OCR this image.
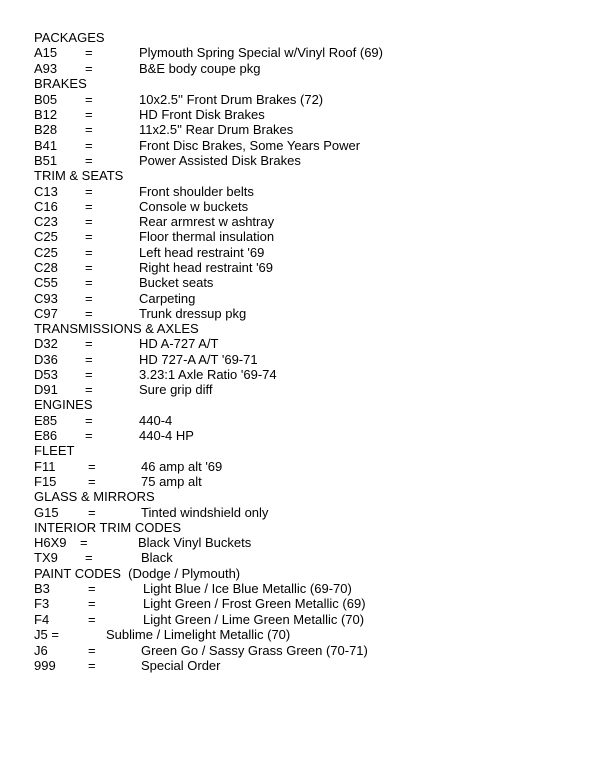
PACKAGES
A15 =	Plymouth Spring Special w/Vinyl Roof (69)
A93 =	B&E body coupe pkg
BRAKES
B05 =	10x2.5'' Front Drum Brakes (72)
B12 =	HD Front Disk Brakes
B28 =	11x2.5'' Rear Drum Brakes
B41 =	Front Disc Brakes, Some Years Power
B51 =	Power Assisted Disk Brakes
TRIM & SEATS
C13 =	Front shoulder belts
C16 =	Console w buckets
C23 =	Rear armrest w ashtray
C25 =	Floor thermal insulation
C25 =	Left head restraint '69
C28 =	Right head restraint '69
C55 =	Bucket seats
C93 =	Carpeting
C97 =	Trunk dressup pkg
TRANSMISSIONS & AXLES
D32 =	HD A-727 A/T
D36 =	HD 727-A A/T '69-71
D53 =	3.23:1 Axle Ratio '69-74
D91 =	Sure grip diff
ENGINES
E85 =	440-4
E86 =	440-4 HP
FLEET
F11	=	46 amp alt '69
F15 =	75 amp alt
GLASS & MIRRORS
G15 =	Tinted windshield only
INTERIOR TRIM CODES
H6X9 =	Black Vinyl Buckets
TX9 =	Black
PAINT CODES  (Dodge / Plymouth)
B3	=	Light Blue / Ice Blue Metallic (69-70)
F3	=	Light Green / Frost Green Metallic (69)
F4	=	Light Green / Lime Green Metallic (70)
J5 =	Sublime / Limelight Metallic (70)
J6	=	Green Go / Sassy Grass Green (70-71)
999 =	Special Order
